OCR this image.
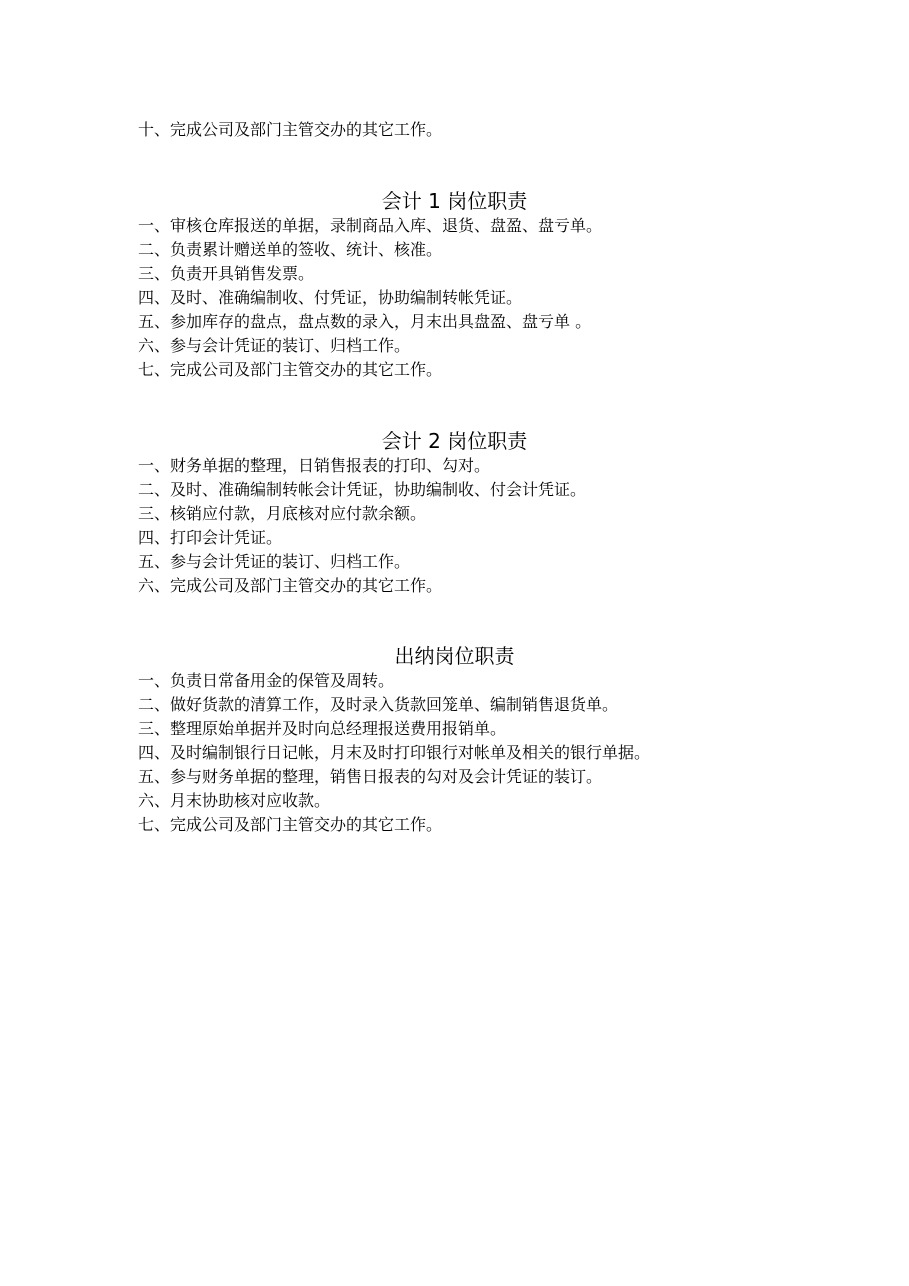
十、完成公司及部门主管交办的其它工作。
会计 1 岗位职责
一、审核仓库报送的单据，录制商品入库、退货、盘盈、盘亏单。
二、负责累计赠送单的签收、统计、核准。
三、负责开具销售发票。
四、及时、准确编制收、付凭证，协助编制转帐凭证。
五、参加库存的盘点，盘点数的录入，月末出具盘盈、盘亏单 。
六、参与会计凭证的装订、归档工作。
七、完成公司及部门主管交办的其它工作。
会计 2 岗位职责
一、财务单据的整理，日销售报表的打印、勾对。
二、及时、准确编制转帐会计凭证，协助编制收、付会计凭证。
三、核销应付款，月底核对应付款余额。
四、打印会计凭证。
五、参与会计凭证的装订、归档工作。
六、完成公司及部门主管交办的其它工作。
出纳岗位职责
一、负责日常备用金的保管及周转。
二、做好货款的清算工作，及时录入货款回笼单、编制销售退货单。
三、整理原始单据并及时向总经理报送费用报销单。
四、及时编制银行日记帐，月末及时打印银行对帐单及相关的银行单据。
五、参与财务单据的整理，销售日报表的勾对及会计凭证的装订。
六、月末协助核对应收款。
七、完成公司及部门主管交办的其它工作。
